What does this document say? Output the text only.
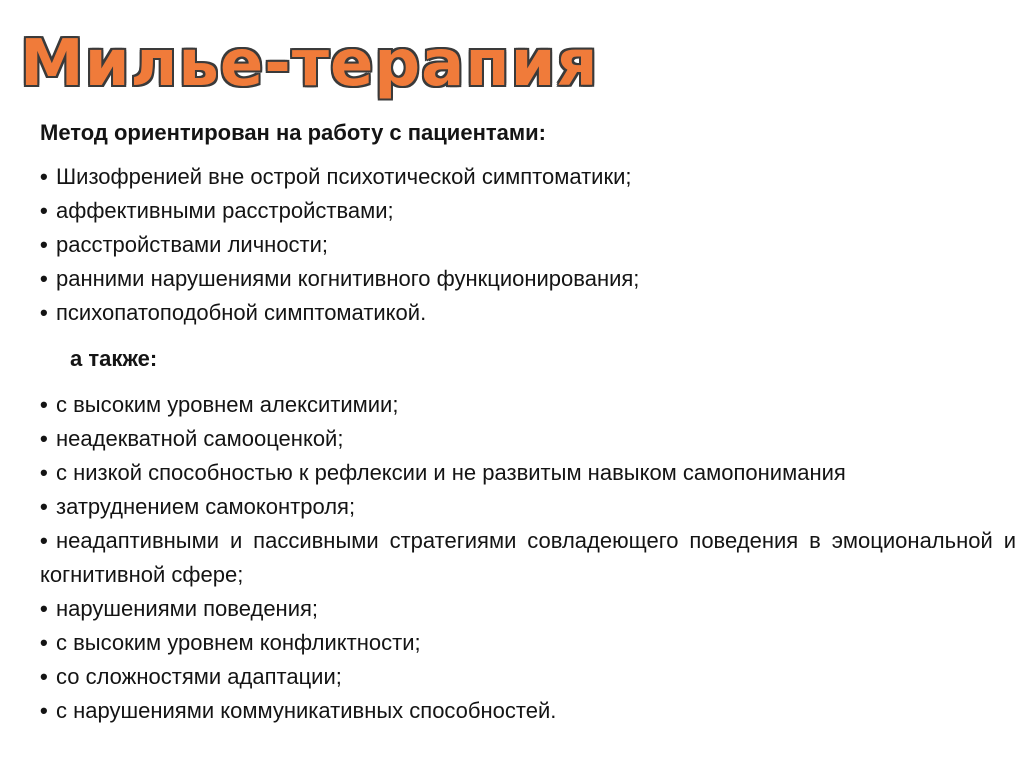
Милье-терапия

Метод ориентирован на работу с пациентами:

• Шизофренией вне острой психотической симптоматики;
• аффективными расстройствами;
• расстройствами личности;
• ранними нарушениями когнитивного функционирования;
• психопатоподобной симптоматикой.

а также:

• с высоким уровнем алекситимии;
• неадекватной самооценкой;
• с низкой способностью к рефлексии и не развитым навыком самопонимания
• затруднением самоконтроля;
• неадаптивными и пассивными стратегиями совладеющего поведения в эмоциональной и когнитивной сфере;
• нарушениями поведения;
• с высоким уровнем конфликтности;
• со сложностями адаптации;
• с нарушениями коммуникативных способностей.
